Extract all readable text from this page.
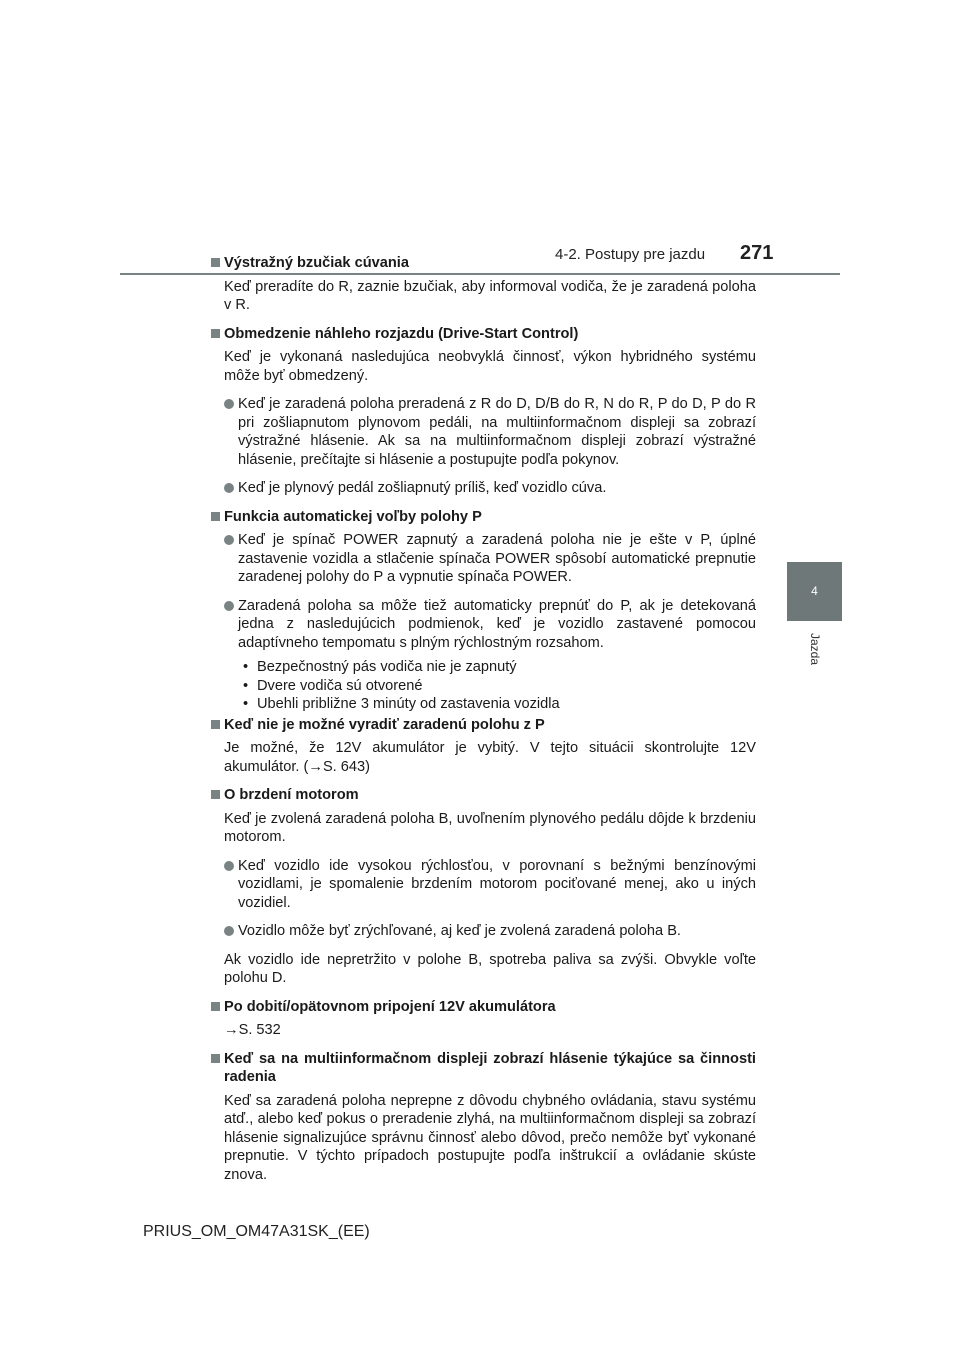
4-2. Postupy pre jazdu 271
4
Jazda
Výstražný bzučiak cúvania
Keď preradíte do R, zaznie bzučiak, aby informoval vodiča, že je zaradená poloha v R.
Obmedzenie náhleho rozjazdu (Drive-Start Control)
Keď je vykonaná nasledujúca neobvyklá činnosť, výkon hybridného systému môže byť obmedzený.
Keď je zaradená poloha preradená z R do D, D/B do R, N do R, P do D, P do R pri zošliapnutom plynovom pedáli, na multiinformačnom displeji sa zobrazí výstražné hlásenie. Ak sa na multiinformačnom displeji zobrazí výstražné hlásenie, prečítajte si hlásenie a postupujte podľa pokynov.
Keď je plynový pedál zošliapnutý príliš, keď vozidlo cúva.
Funkcia automatickej voľby polohy P
Keď je spínač POWER zapnutý a zaradená poloha nie je ešte v P, úplné zastavenie vozidla a stlačenie spínača POWER spôsobí automatické prepnutie zaradenej polohy do P a vypnutie spínača POWER.
Zaradená poloha sa môže tiež automaticky prepnúť do P, ak je detekovaná jedna z nasledujúcich podmienok, keď je vozidlo zastavené pomocou adaptívneho tempomatu s plným rýchlostným rozsahom.
• Bezpečnostný pás vodiča nie je zapnutý
• Dvere vodiča sú otvorené
• Ubehli približne 3 minúty od zastavenia vozidla
Keď nie je možné vyradiť zaradenú polohu z P
Je možné, že 12V akumulátor je vybitý. V tejto situácii skontrolujte 12V akumulátor. (→S. 643)
O brzdení motorom
Keď je zvolená zaradená poloha B, uvoľnením plynového pedálu dôjde k brzdeniu motorom.
Keď vozidlo ide vysokou rýchlosťou, v porovnaní s bežnými benzínovými vozidlami, je spomalenie brzdením motorom pociťované menej, ako u iných vozidiel.
Vozidlo môže byť zrýchľované, aj keď je zvolená zaradená poloha B.
Ak vozidlo ide nepretržito v polohe B, spotreba paliva sa zvýši. Obvykle voľte polohu D.
Po dobití/opätovnom pripojení 12V akumulátora
→S. 532
Keď sa na multiinformačnom displeji zobrazí hlásenie týkajúce sa činnosti radenia
Keď sa zaradená poloha neprepne z dôvodu chybného ovládania, stavu systému atď., alebo keď pokus o preradenie zlyhá, na multiinformačnom displeji sa zobrazí hlásenie signalizujúce správnu činnosť alebo dôvod, prečo nemôže byť vykonané prepnutie. V týchto prípadoch postupujte podľa inštrukcií a ovládanie skúste znova.
PRIUS_OM_OM47A31SK_(EE)
